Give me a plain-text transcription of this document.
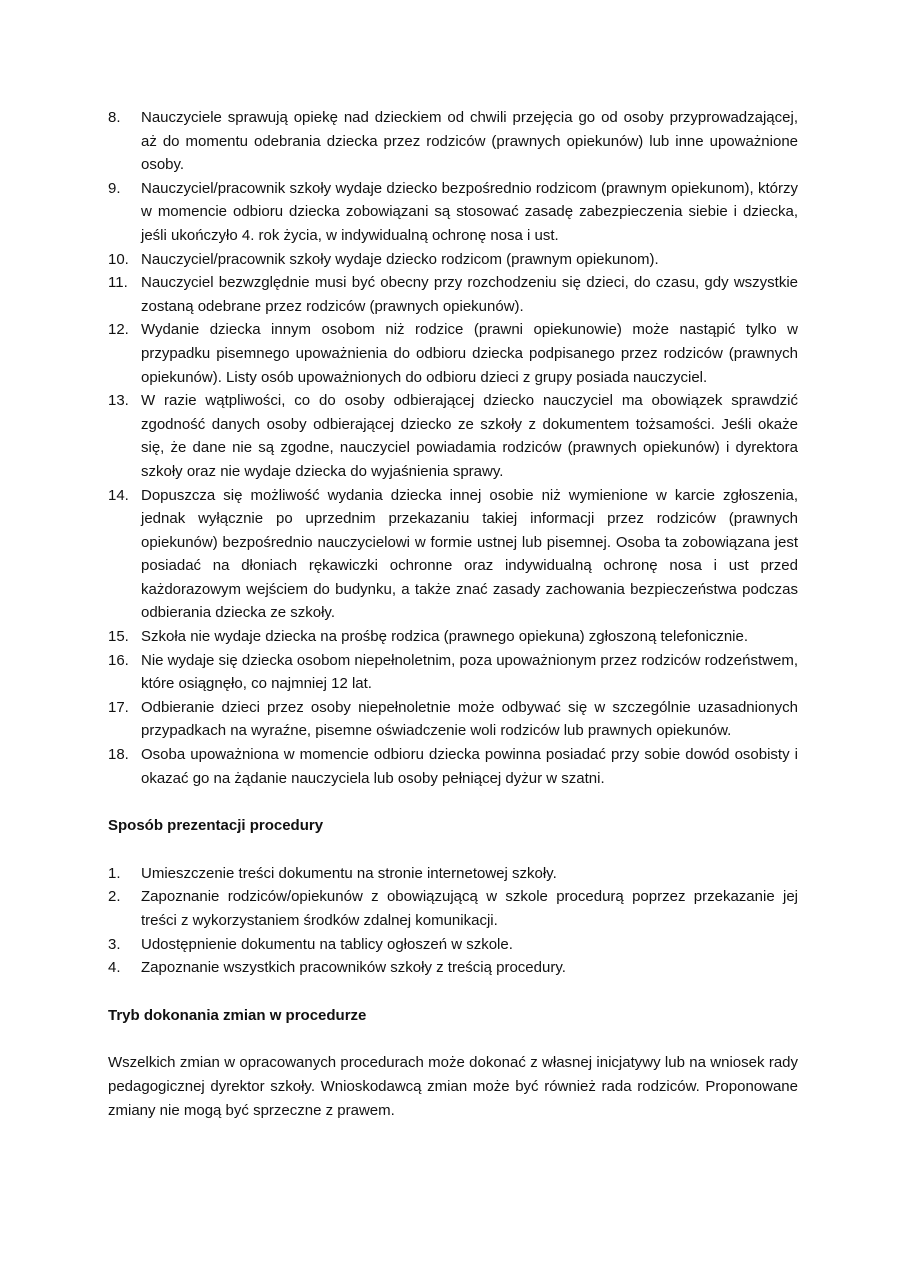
8.	Nauczyciele sprawują opiekę nad dzieckiem od chwili przejęcia go od osoby przyprowadzającej, aż do momentu odebrania dziecka przez rodziców (prawnych opiekunów) lub inne upoważnione osoby.
9.	Nauczyciel/pracownik szkoły wydaje dziecko bezpośrednio rodzicom (prawnym opiekunom), którzy w momencie odbioru dziecka zobowiązani są stosować zasadę zabezpieczenia siebie i dziecka, jeśli ukończyło 4. rok życia, w indywidualną ochronę nosa i ust.
10. Nauczyciel/pracownik szkoły wydaje dziecko rodzicom (prawnym opiekunom).
11. Nauczyciel bezwzględnie musi być obecny przy rozchodzeniu się dzieci, do czasu, gdy wszystkie zostaną odebrane przez rodziców (prawnych opiekunów).
12. Wydanie dziecka innym osobom niż rodzice (prawni opiekunowie) może nastąpić tylko w przypadku pisemnego upoważnienia do odbioru dziecka podpisanego przez rodziców (prawnych opiekunów). Listy osób upoważnionych do odbioru dzieci z grupy posiada nauczyciel.
13. W razie wątpliwości, co do osoby odbierającej dziecko nauczyciel ma obowiązek sprawdzić zgodność danych osoby odbierającej dziecko ze szkoły z dokumentem tożsamości. Jeśli okaże się, że dane nie są zgodne, nauczyciel powiadamia rodziców (prawnych opiekunów) i dyrektora szkoły oraz nie wydaje dziecka do wyjaśnienia sprawy.
14. Dopuszcza się możliwość wydania dziecka innej osobie niż wymienione w karcie zgłoszenia, jednak wyłącznie po uprzednim przekazaniu takiej informacji przez rodziców (prawnych opiekunów) bezpośrednio nauczycielowi w formie ustnej lub pisemnej. Osoba ta zobowiązana jest posiadać na dłoniach rękawiczki ochronne oraz indywidualną ochronę nosa i ust przed każdorazowym wejściem do budynku, a także znać zasady zachowania bezpieczeństwa podczas odbierania dziecka ze szkoły.
15. Szkoła nie wydaje dziecka na prośbę rodzica (prawnego opiekuna) zgłoszoną telefonicznie.
16. Nie wydaje się dziecka osobom niepełnoletnim, poza upoważnionym przez rodziców rodzeństwem, które osiągnęło, co najmniej 12 lat.
17. Odbieranie dzieci przez osoby niepełnoletnie może odbywać się w szczególnie uzasadnionych przypadkach na wyraźne, pisemne oświadczenie woli rodziców lub prawnych opiekunów.
18. Osoba upoważniona w momencie odbioru dziecka powinna posiadać przy sobie dowód osobisty i okazać go na żądanie nauczyciela lub osoby pełniącej dyżur w szatni.
Sposób prezentacji procedury
1.	Umieszczenie treści dokumentu na stronie internetowej szkoły.
2.	Zapoznanie rodziców/opiekunów z obowiązującą w szkole procedurą poprzez przekazanie jej treści z wykorzystaniem środków zdalnej komunikacji.
3.	Udostępnienie dokumentu na tablicy ogłoszeń w szkole.
4.	Zapoznanie wszystkich pracowników szkoły z treścią procedury.
Tryb dokonania zmian w procedurze

Wszelkich zmian w opracowanych procedurach może dokonać z własnej inicjatywy lub na wniosek rady pedagogicznej dyrektor szkoły. Wnioskodawcą zmian może być również rada rodziców. Proponowane zmiany nie mogą być sprzeczne z prawem.
